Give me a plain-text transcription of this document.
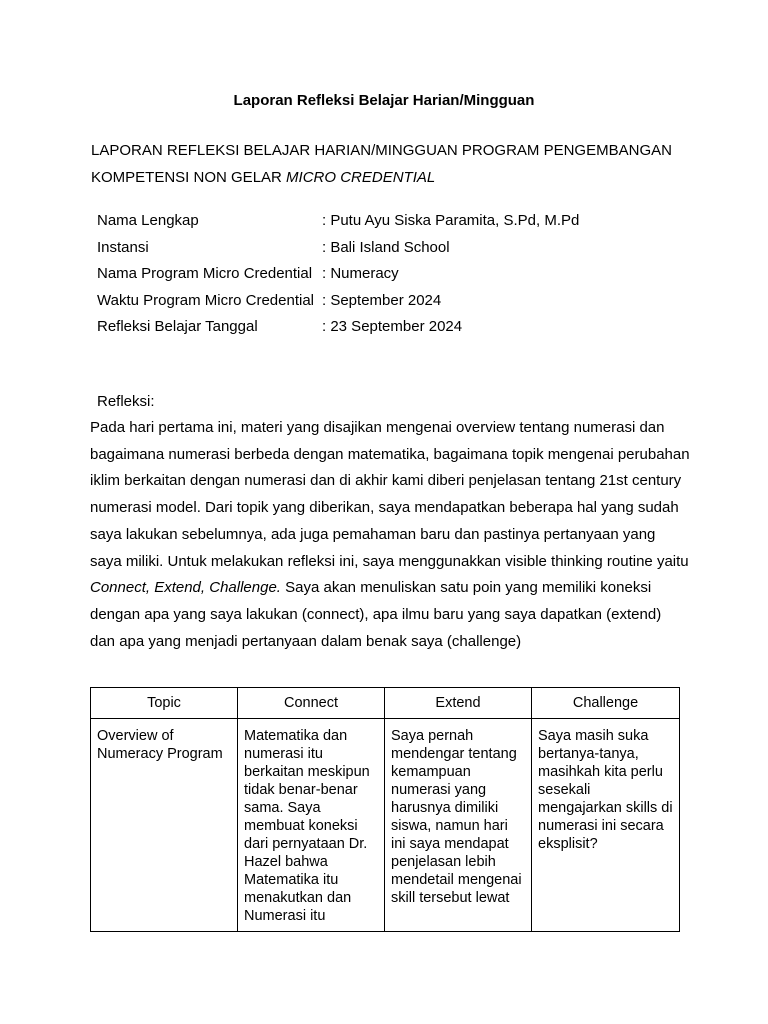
Laporan Refleksi Belajar Harian/Mingguan
LAPORAN REFLEKSI BELAJAR HARIAN/MINGGUAN PROGRAM PENGEMBANGAN KOMPETENSI NON GELAR MICRO CREDENTIAL
Nama Lengkap	: Putu Ayu Siska Paramita, S.Pd, M.Pd
Instansi	: Bali Island School
Nama Program Micro Credential : Numeracy
Waktu Program Micro Credential : September 2024
Refleksi Belajar Tanggal	: 23 September 2024
Refleksi:
Pada hari pertama ini, materi yang disajikan mengenai overview tentang numerasi dan bagaimana numerasi berbeda dengan matematika, bagaimana topik mengenai perubahan iklim berkaitan dengan numerasi dan di akhir kami diberi penjelasan tentang 21st century numerasi model. Dari topik yang diberikan, saya mendapatkan beberapa hal yang sudah saya lakukan sebelumnya, ada juga pemahaman baru dan pastinya pertanyaan yang saya miliki. Untuk melakukan refleksi ini, saya menggunakkan visible thinking routine yaitu Connect, Extend, Challenge. Saya akan menuliskan satu poin yang memiliki koneksi dengan apa yang saya lakukan (connect), apa ilmu baru yang saya dapatkan (extend) dan apa yang menjadi pertanyaan dalam benak saya (challenge)
Topic	Connect	Extend	Challenge
Overview of Numeracy Program	Matematika dan numerasi itu berkaitan meskipun tidak benar-benar sama. Saya membuat koneksi dari pernyataan Dr. Hazel bahwa Matematika itu menakutkan dan Numerasi itu	Saya pernah mendengar tentang kemampuan numerasi yang harusnya dimiliki siswa, namun hari ini saya mendapat penjelasan lebih mendetail mengenai skill tersebut lewat	Saya masih suka bertanya-tanya, masihkah kita perlu sesekali mengajarkan skills di numerasi ini secara eksplisit?
